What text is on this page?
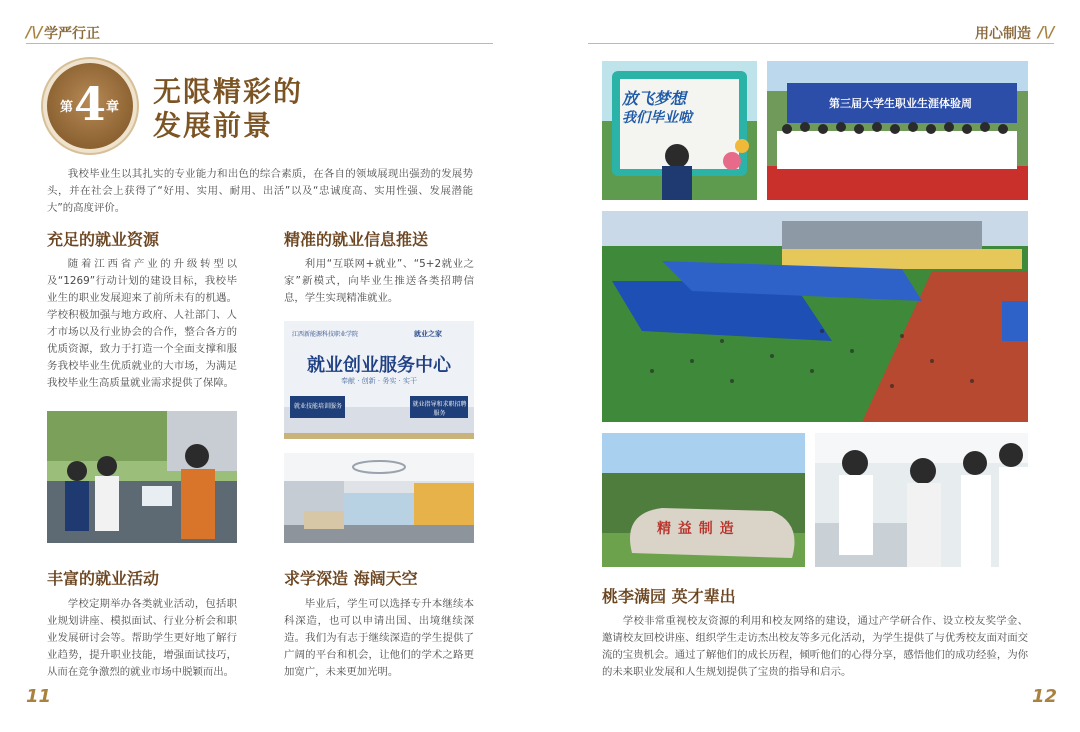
/\/ 学严行正	用心制造 /\/
第 4 章 无限精彩的
发展前景
我校毕业生以其扎实的专业能力和出色的综合素质，在各自的领域展现出强劲的发展势头，并在社会上获得了“好用、实用、耐用、出活”以及“忠诚度高、实用性强、发展潜能大”的高度评价。
充足的就业资源
随着江西省产业的升级转型以及“1269”行动计划的建设目标，我校毕业生的职业发展迎来了前所未有的机遇。学校积极加强与地方政府、人社部门、人才市场以及行业协会的合作，整合各方的优质资源，致力于打造一个全面支撑和服务我校毕业生优质就业的大市场，为满足我校毕业生高质量就业需求提供了保障。
精准的就业信息推送
利用“互联网+就业”、“5+2就业之家”新模式，向毕业生推送各类招聘信息，学生实现精准就业。
江西新能源科技职业学院	就业之家
就业创业服务中心
奉献 · 创新 · 务实 · 实干
就业技能培训服务	就业指导和求职招聘服务
丰富的就业活动
学校定期举办各类就业活动，包括职业规划讲座、模拟面试、行业分析会和职业发展研讨会等。帮助学生更好地了解行业趋势，提升职业技能，增强面试技巧，从而在竞争激烈的就业市场中脱颖而出。
求学深造 海阔天空
毕业后，学生可以选择专升本继续本科深造，也可以申请出国、出境继续深造。我们为有志于继续深造的学生提供了广阔的平台和机会，让他们的学术之路更加宽广，未来更加光明。
11
放飞梦想
我们毕业啦
第三届大学生职业生涯体验周
精 益 制 造
桃李满园 英才辈出
学校非常重视校友资源的利用和校友网络的建设，通过产学研合作、设立校友奖学金、邀请校友回校讲座、组织学生走访杰出校友等多元化活动，为学生提供了与优秀校友面对面交流的宝贵机会。通过了解他们的成长历程，倾听他们的心得分享，感悟他们的成功经验，为你的未来职业发展和人生规划提供了宝贵的指导和启示。
12
